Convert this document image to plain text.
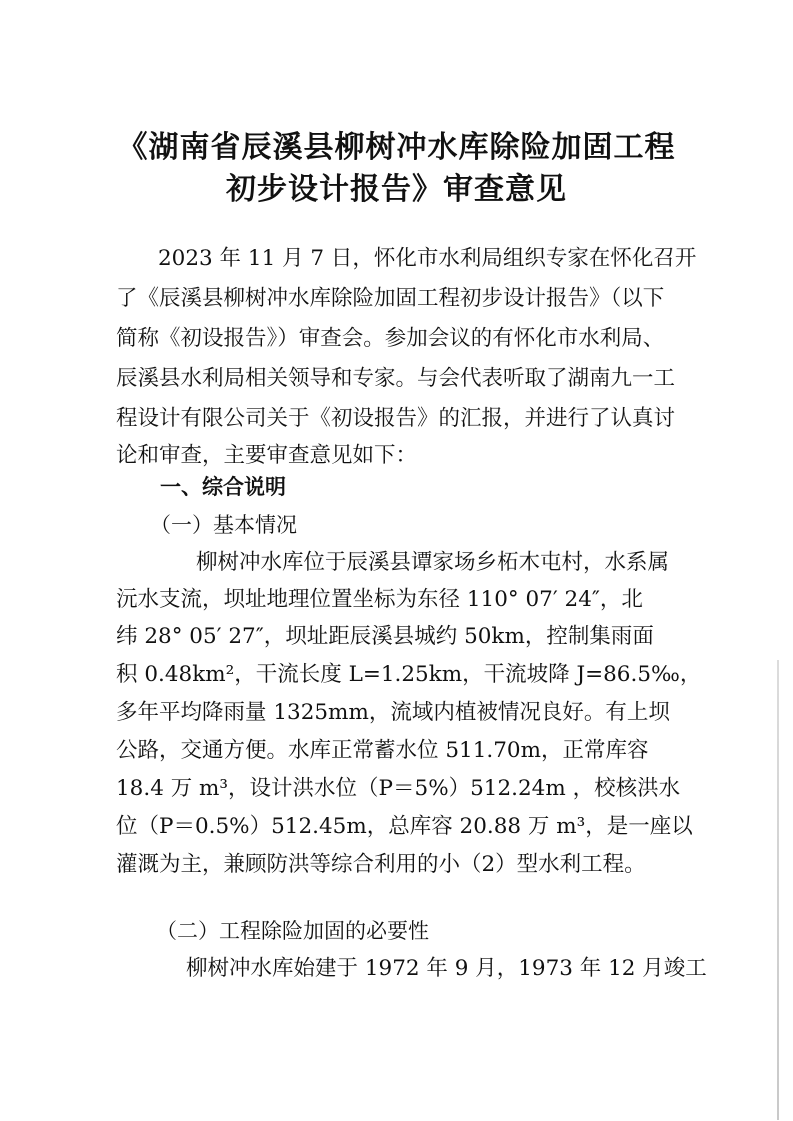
《湖南省辰溪县柳树冲水库除险加固工程
初步设计报告》审查意见
2023 年 11 月 7 日，怀化市水利局组织专家在怀化召开
了《辰溪县柳树冲水库除险加固工程初步设计报告》（以下
简称《初设报告》）审查会。参加会议的有怀化市水利局、
辰溪县水利局相关领导和专家。与会代表听取了湖南九一工
程设计有限公司关于《初设报告》的汇报，并进行了认真讨
论和审查，主要审查意见如下：
一、综合说明
（一）基本情况
柳树冲水库位于辰溪县谭家场乡柘木屯村，水系属
沅水支流，坝址地理位置坐标为东径 110° 07′ 24″，北
纬 28° 05′ 27″，坝址距辰溪县城约 50km，控制集雨面
积 0.48km²，干流长度 L=1.25km，干流坡降 J=86.5‰，
多年平均降雨量 1325mm，流域内植被情况良好。有上坝
公路，交通方便。水库正常蓄水位 511.70m，正常库容
18.4 万 m³，设计洪水位（P＝5%）512.24m ，校核洪水
位（P＝0.5%）512.45m，总库容 20.88 万 m³，是一座以
灌溉为主，兼顾防洪等综合利用的小（2）型水利工程。
（二）工程除险加固的必要性
柳树冲水库始建于 1972 年 9 月，1973 年 12 月竣工
